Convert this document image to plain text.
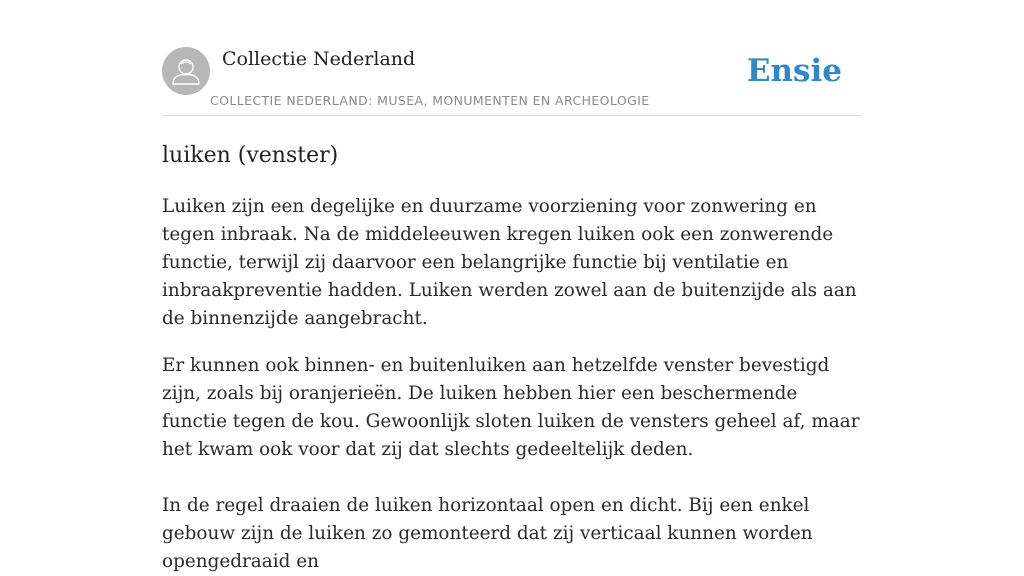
Collectie Nederland
COLLECTIE NEDERLAND: MUSEA, MONUMENTEN EN ARCHEOLOGIE
Ensie
luiken (venster)

Luiken zijn een degelijke en duurzame voorziening voor zonwering en tegen inbraak. Na de middeleeuwen kregen luiken ook een zonwerende functie, terwijl zij daarvoor een belangrijke functie bij ventilatie en inbraakpreventie hadden. Luiken werden zowel aan de buitenzijde als aan de binnenzijde aangebracht.

Er kunnen ook binnen- en buitenluiken aan hetzelfde venster bevestigd zijn, zoals bij oranjerieën. De luiken hebben hier een beschermende functie tegen de kou. Gewoonlijk sloten luiken de vensters geheel af, maar het kwam ook voor dat zij dat slechts gedeeltelijk deden.

In de regel draaien de luiken horizontaal open en dicht. Bij een enkel gebouw zijn de luiken zo gemonteerd dat zij verticaal kunnen worden opengedraaid en
